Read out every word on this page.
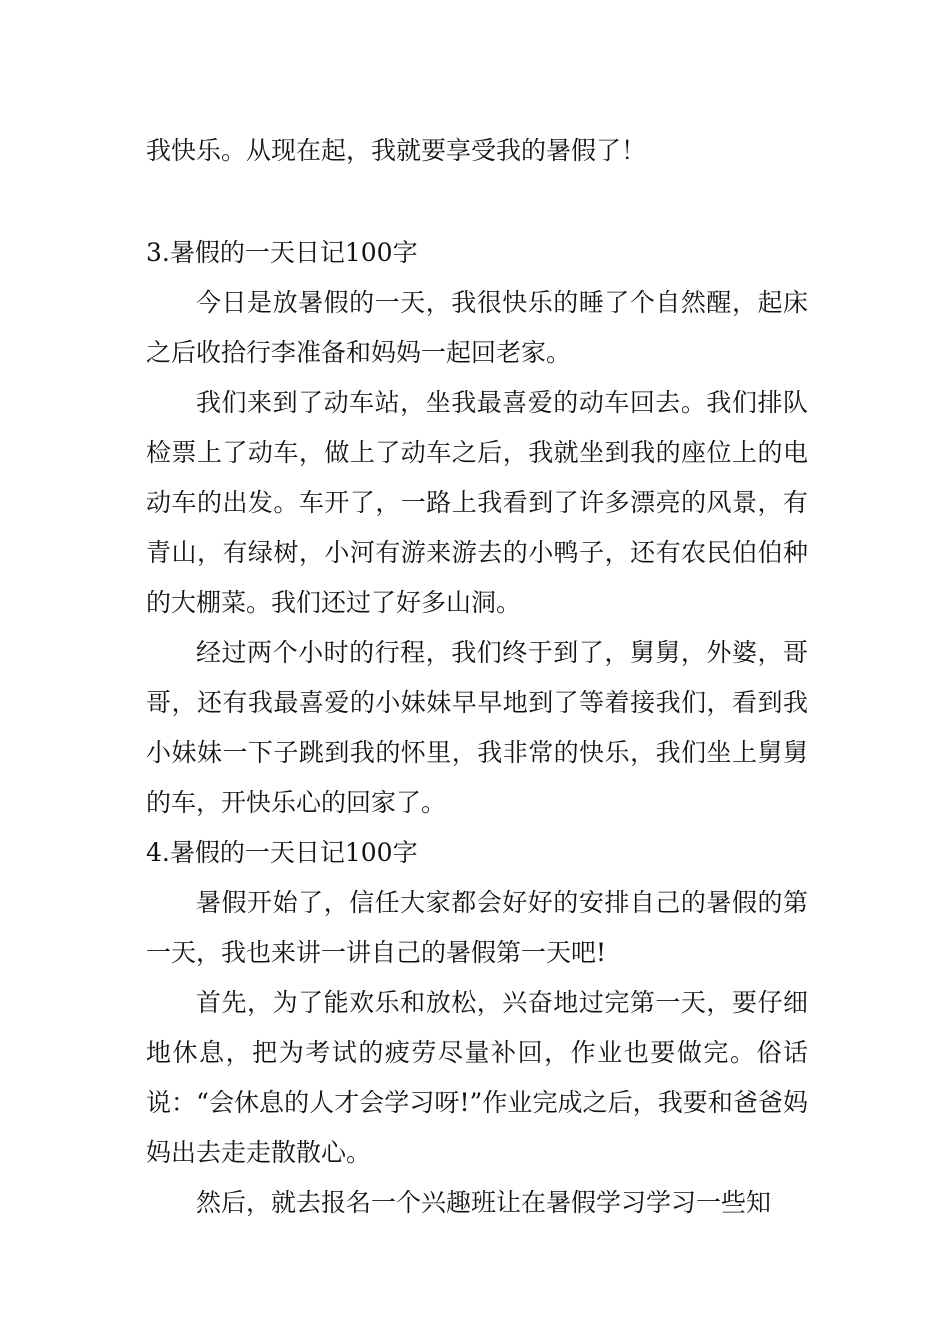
我快乐。从现在起，我就要享受我的暑假了！

3.暑假的一天日记100字

今日是放暑假的一天，我很快乐的睡了个自然醒，起床之后收拾行李准备和妈妈一起回老家。

我们来到了动车站，坐我最喜爱的动车回去。我们排队检票上了动车，做上了动车之后，我就坐到我的座位上的电动车的出发。车开了，一路上我看到了许多漂亮的风景，有青山，有绿树，小河有游来游去的小鸭子，还有农民伯伯种的大棚菜。我们还过了好多山洞。

经过两个小时的行程，我们终于到了，舅舅，外婆，哥哥，还有我最喜爱的小妹妹早早地到了等着接我们，看到我小妹妹一下子跳到我的怀里，我非常的快乐，我们坐上舅舅的车，开快乐心的回家了。

4.暑假的一天日记100字

暑假开始了，信任大家都会好好的安排自己的暑假的第一天，我也来讲一讲自己的暑假第一天吧!

首先，为了能欢乐和放松，兴奋地过完第一天，要仔细地休息，把为考试的疲劳尽量补回，作业也要做完。俗话说：“会休息的人才会学习呀!”作业完成之后，我要和爸爸妈妈出去走走散散心。

然后，就去报名一个兴趣班让在暑假学习学习一些知
